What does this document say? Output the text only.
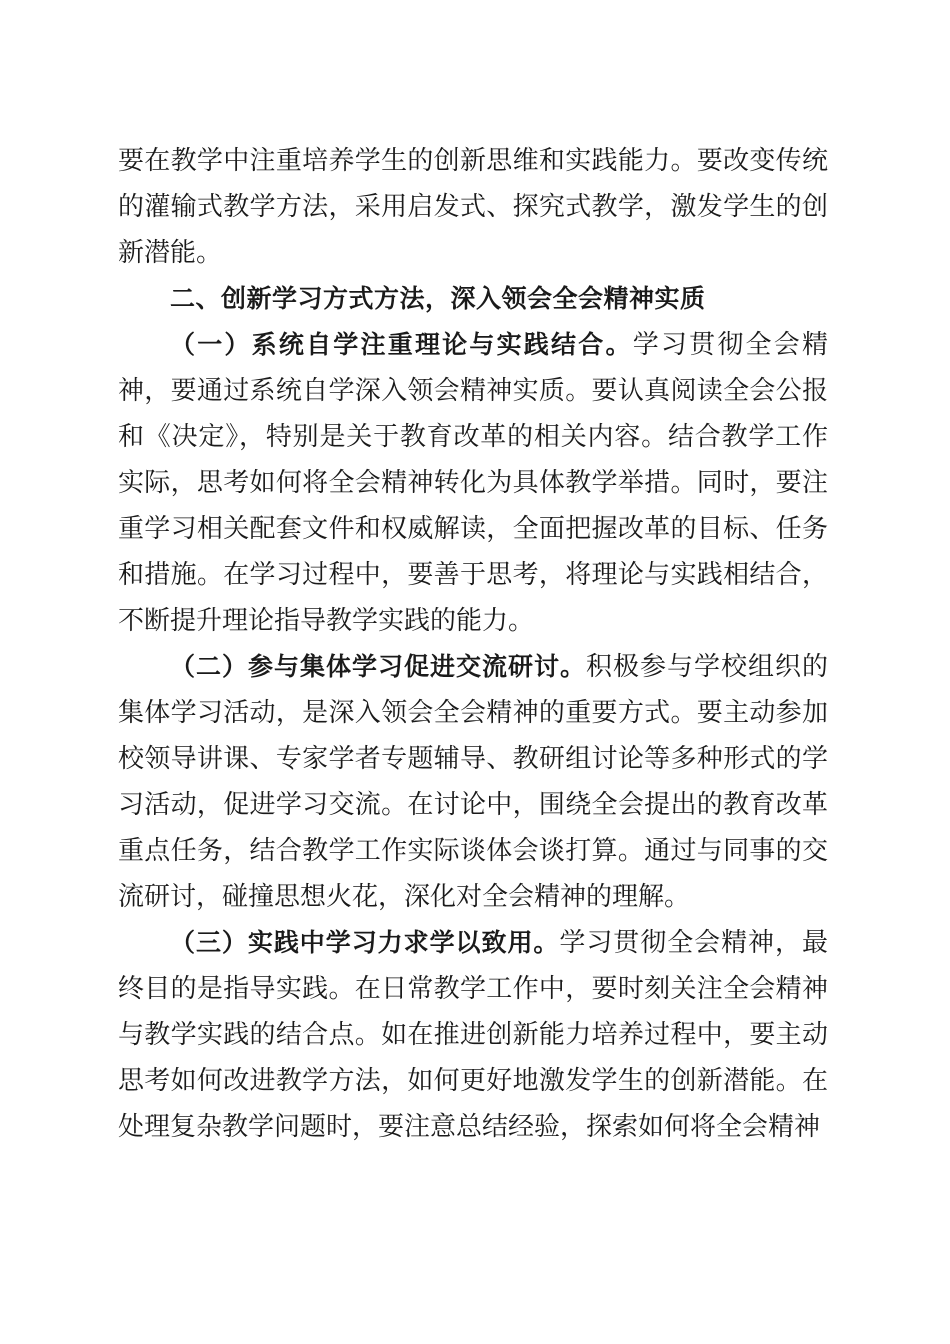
要在教学中注重培养学生的创新思维和实践能力。要改变传统的灌输式教学方法，采用启发式、探究式教学，激发学生的创新潜能。

二、创新学习方式方法，深入领会全会精神实质

（一）系统自学注重理论与实践结合。学习贯彻全会精神，要通过系统自学深入领会精神实质。要认真阅读全会公报和《决定》，特别是关于教育改革的相关内容。结合教学工作实际，思考如何将全会精神转化为具体教学举措。同时，要注重学习相关配套文件和权威解读，全面把握改革的目标、任务和措施。在学习过程中，要善于思考，将理论与实践相结合，不断提升理论指导教学实践的能力。

（二）参与集体学习促进交流研讨。积极参与学校组织的集体学习活动，是深入领会全会精神的重要方式。要主动参加校领导讲课、专家学者专题辅导、教研组讨论等多种形式的学习活动，促进学习交流。在讨论中，围绕全会提出的教育改革重点任务，结合教学工作实际谈体会谈打算。通过与同事的交流研讨，碰撞思想火花，深化对全会精神的理解。

（三）实践中学习力求学以致用。学习贯彻全会精神，最终目的是指导实践。在日常教学工作中，要时刻关注全会精神与教学实践的结合点。如在推进创新能力培养过程中，要主动思考如何改进教学方法，如何更好地激发学生的创新潜能。在处理复杂教学问题时，要注意总结经验，探索如何将全会精神
